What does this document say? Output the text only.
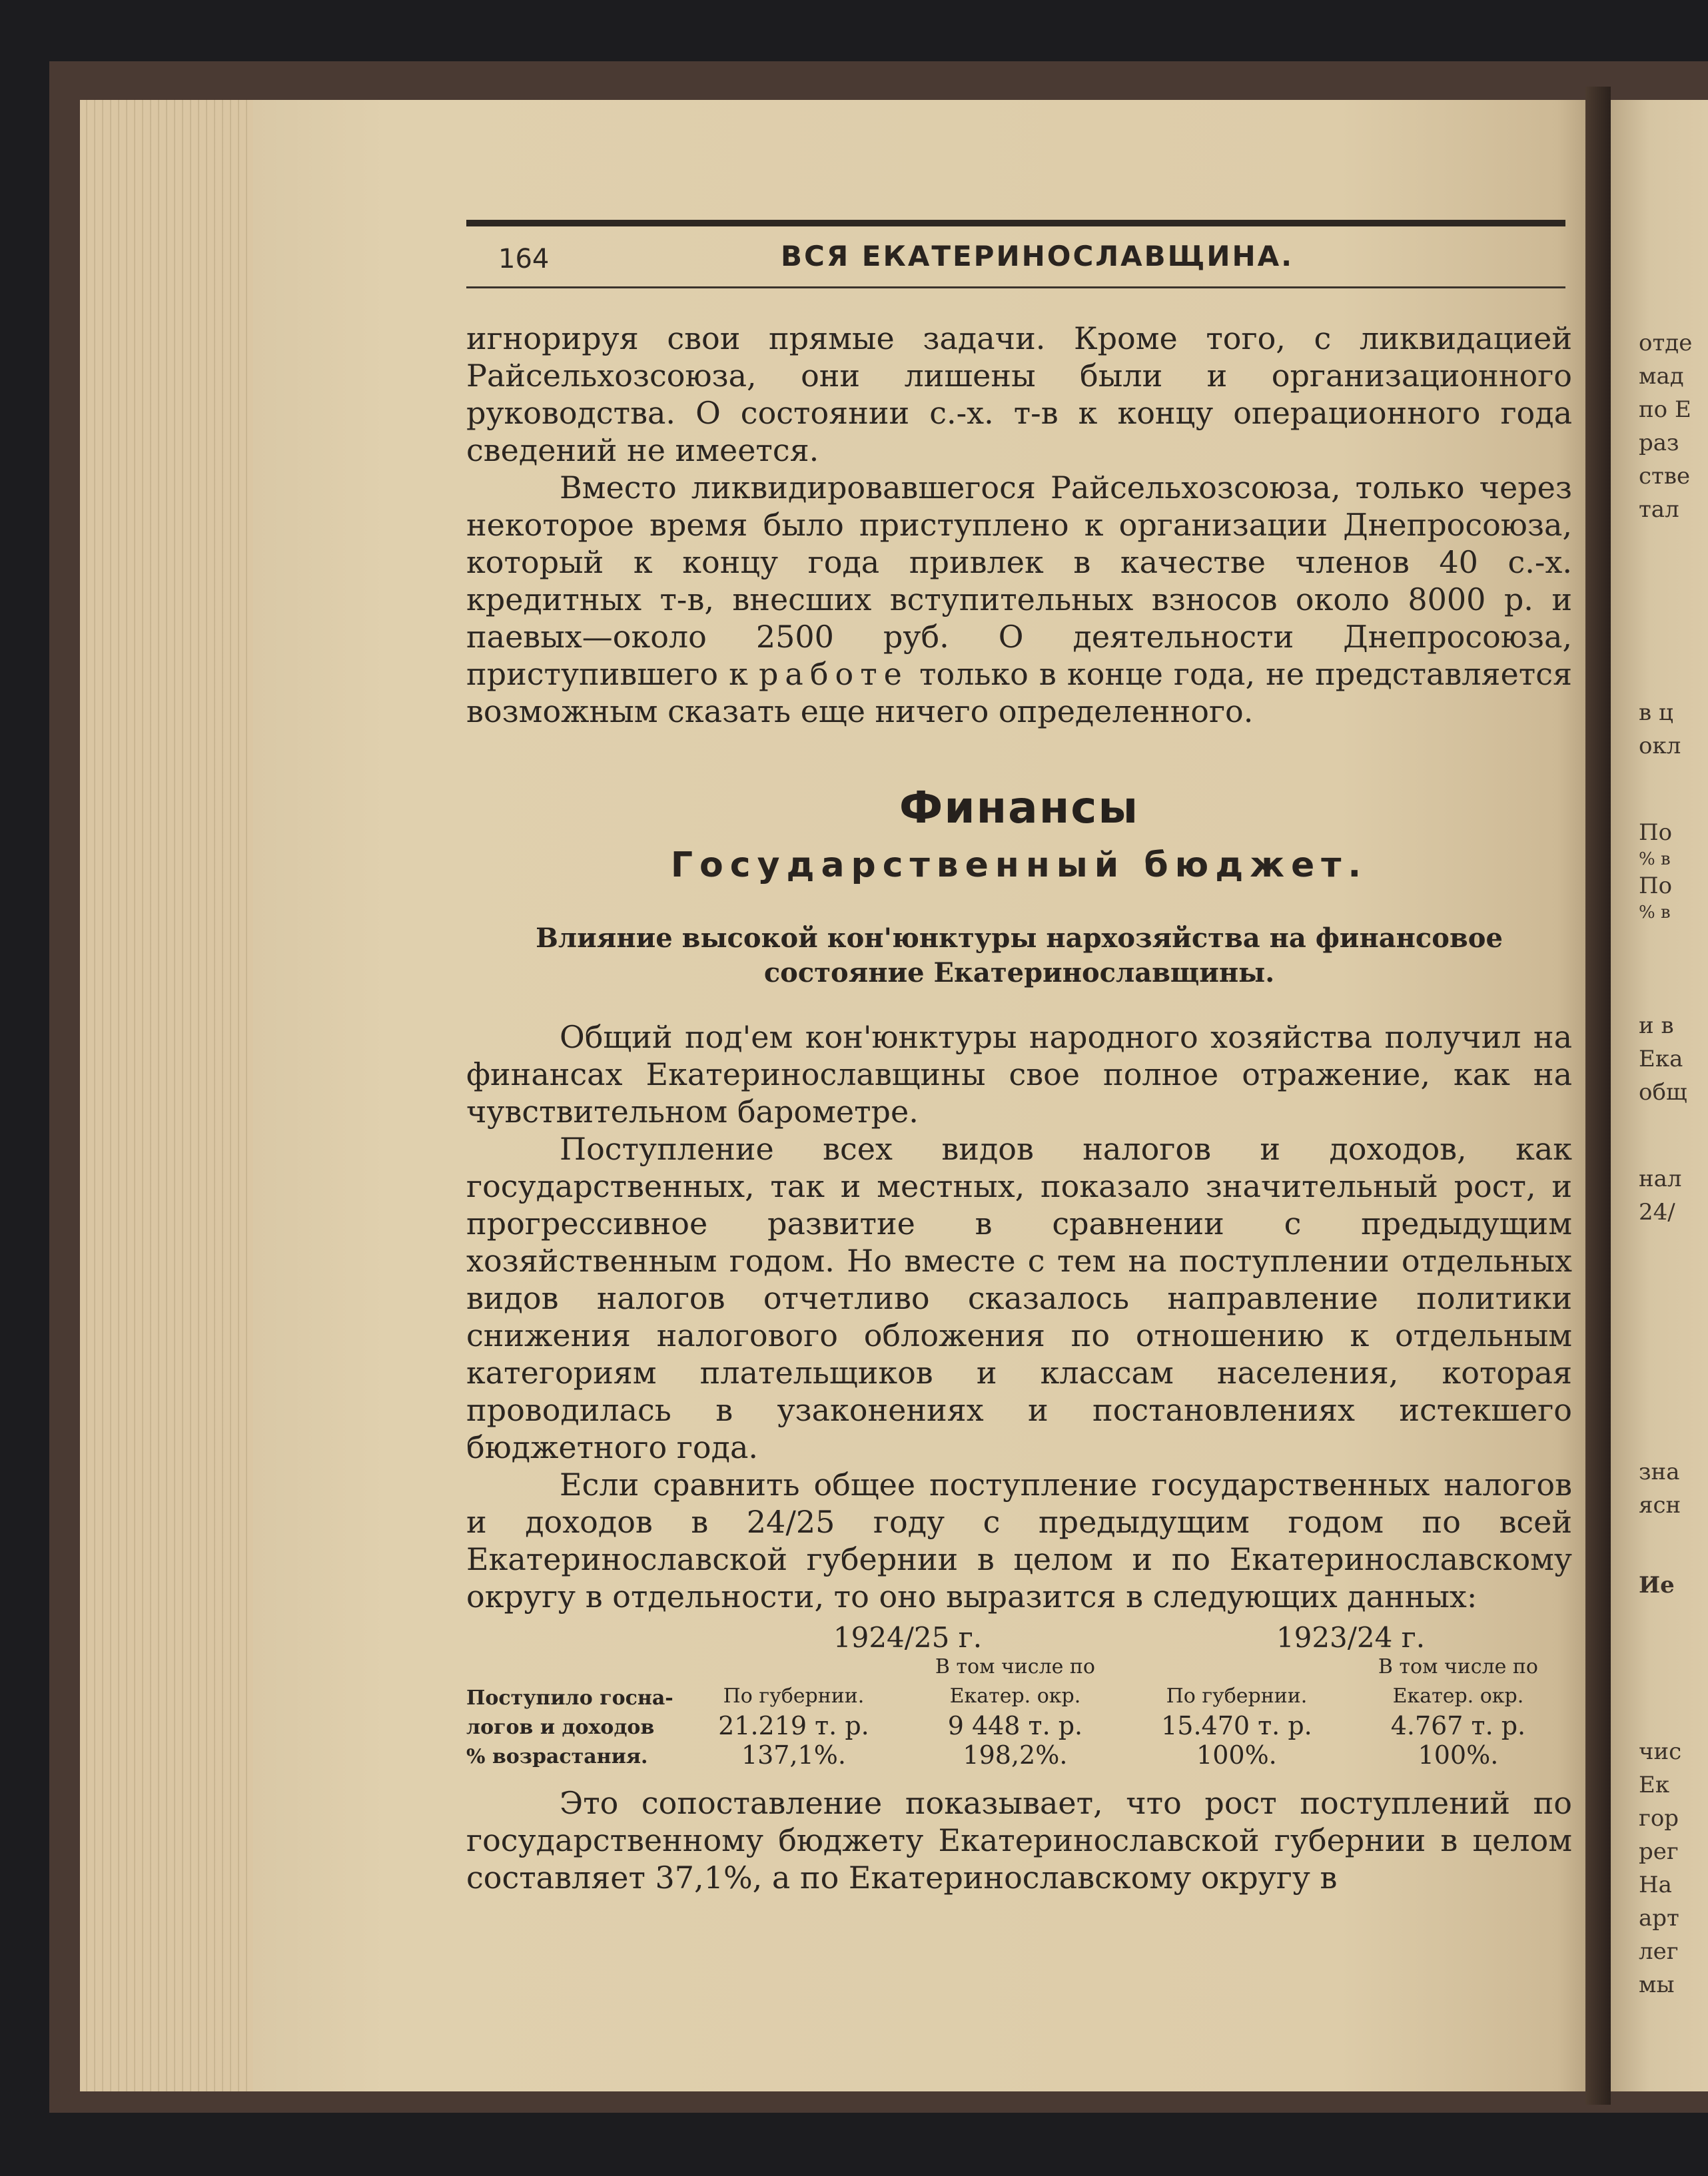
отде
мад
по Е
раз
стве
тал
в ц
окл
По
% в
По
% в
и в
Ека
общ
нал
24/
зна
ясн
Ие
чис
Ек
гор
рег
На
арт
лег
мы
164	ВСЯ ЕКАТЕРИНОСЛАВЩИНА.

игнорируя свои прямые задачи. Кроме того, с ликвидацией Райсельхозсоюза, они лишены были и организационного руководства. О состоянии с.-х. т-в к концу операционного года сведений не имеется.

Вместо ликвидировавшегося Райсельхозсоюза, только через некоторое время было приступлено к организации Днепросоюза, который к концу года привлек в качестве членов 40 с.-х. кредитных т-в, внесших вступительных взносов около 8000 р. и паевых—около 2500 руб. О деятельности Днепросоюза, приступившего к работе только в конце года, не представляется возможным сказать еще ничего определенного.

Финансы
Государственный бюджет.
Влияние высокой кон'юнктуры нархозяйства на финансовое
состояние Екатеринославщины.

Общий под'ем кон'юнктуры народного хозяйства получил на финансах Екатеринославщины свое полное отражение, как на чувствительном барометре.

Поступление всех видов налогов и доходов, как государственных, так и местных, показало значительный рост, и прогрессивное развитие в сравнении с предыдущим хозяйственным годом. Но вместе с тем на поступлении отдельных видов налогов отчетливо сказалось направление политики снижения налогового обложения по отношению к отдельным категориям плательщиков и классам населения, которая проводилась в узаконениях и постановлениях истекшего бюджетного года.

Если сравнить общее поступление государственных налогов и доходов в 24/25 году с предыдущим годом по всей Екатеринославской губернии в целом и по Екатеринославскому округу в отдельности, то оно выразится в следующих данных:

	1924/25 г.		1923/24 г.	
		В том числе по		В том числе по
Поступило госна-	По губернии.	Екатер. окр.	По губернии.	Екатер. окр.
логов и доходов	21.219 т. р.	9 448 т. р.	15.470 т. р.	4.767 т. р.
% возрастания.	137,1%.	198,2%.	100%.	100%.

Это сопоставление показывает, что рост поступлений по государственному бюджету Екатеринославской губернии в целом составляет 37,1%, а по Екатеринославскому округу в
